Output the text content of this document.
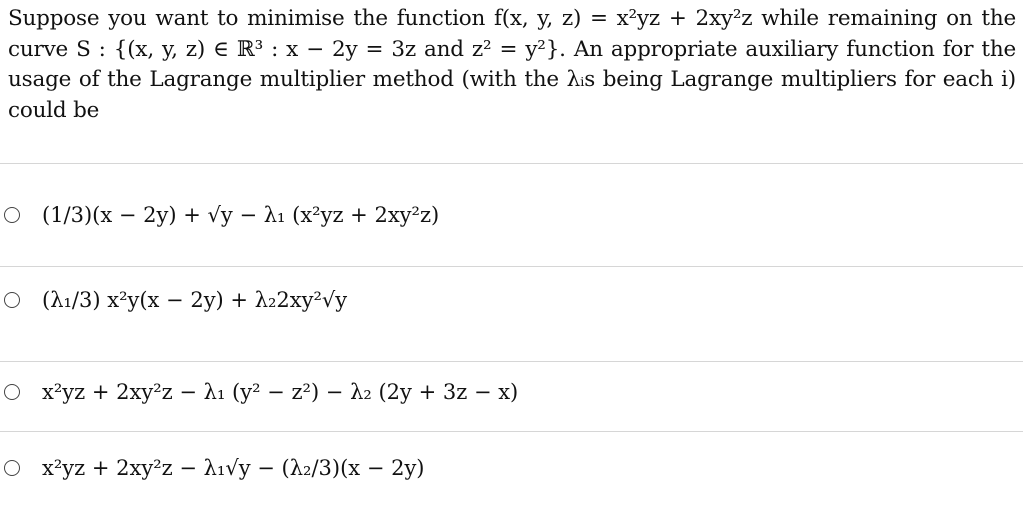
Suppose you want to minimise the function f(x, y, z) = x²yz + 2xy²z while remaining on the curve S : {(x, y, z) ∈ ℝ³ : x − 2y = 3z and z² = y²}. An appropriate auxiliary function for the usage of the Lagrange multiplier method (with the λᵢs being Lagrange multipliers for each i) could be
(1/3)(x − 2y) + √y − λ₁ (x²yz + 2xy²z)
(λ₁/3) x²y(x − 2y) + λ₂2xy²√y
x²yz + 2xy²z − λ₁ (y² − z²) − λ₂ (2y + 3z − x)
x²yz + 2xy²z − λ₁√y − (λ₂/3)(x − 2y)
